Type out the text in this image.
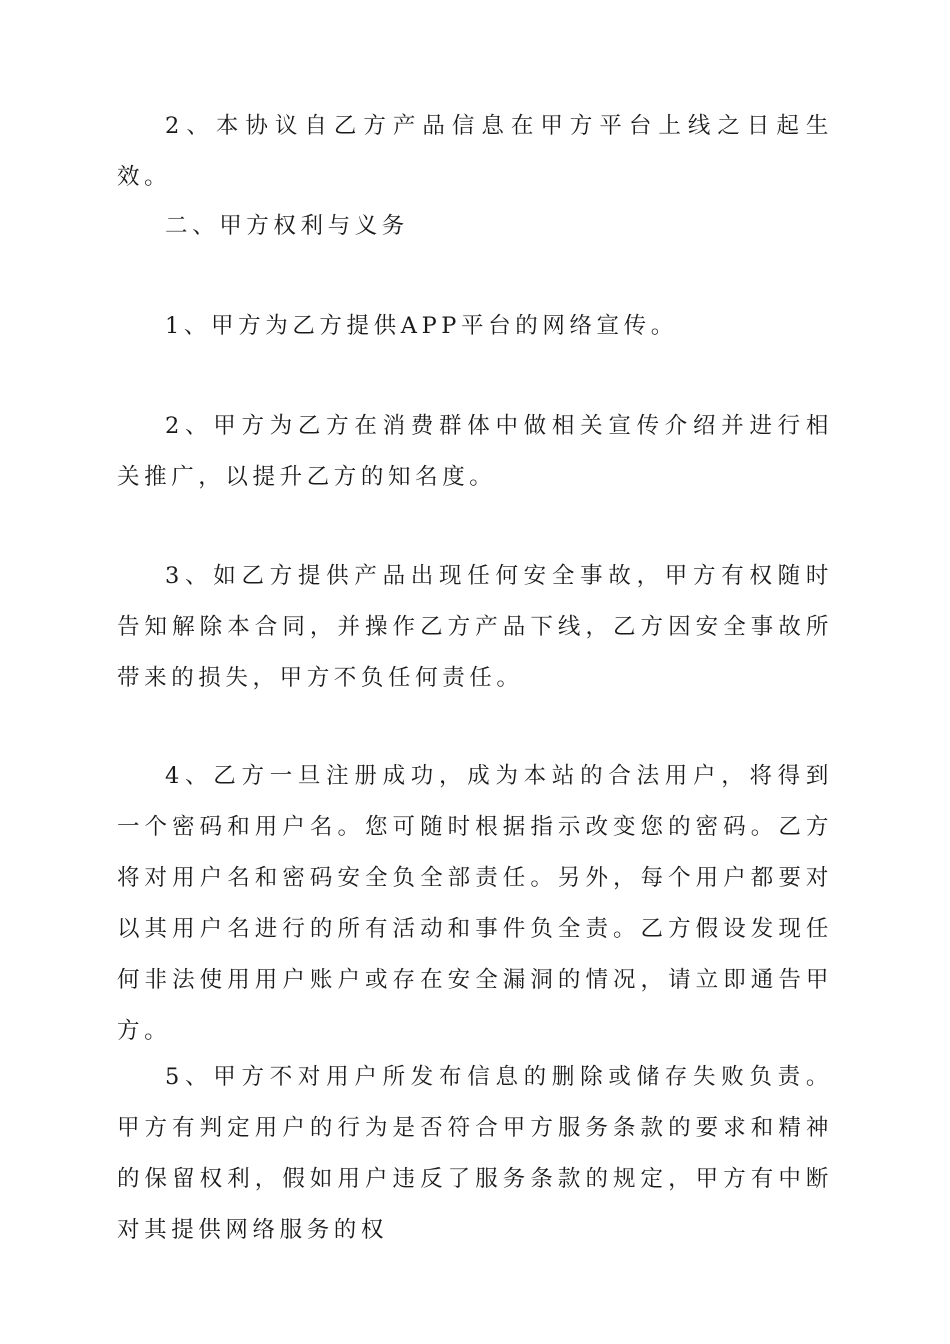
2、本协议自乙方产品信息在甲方平台上线之日起生效。

二、甲方权利与义务

1、甲方为乙方提供APP平台的网络宣传。

2、甲方为乙方在消费群体中做相关宣传介绍并进行相关推广，以提升乙方的知名度。

3、如乙方提供产品出现任何安全事故，甲方有权随时告知解除本合同，并操作乙方产品下线，乙方因安全事故所带来的损失，甲方不负任何责任。

4、乙方一旦注册成功，成为本站的合法用户，将得到一个密码和用户名。您可随时根据指示改变您的密码。乙方将对用户名和密码安全负全部责任。另外，每个用户都要对以其用户名进行的所有活动和事件负全责。乙方假设发现任何非法使用用户账户或存在安全漏洞的情况，请立即通告甲方。

5、甲方不对用户所发布信息的删除或储存失败负责。甲方有判定用户的行为是否符合甲方服务条款的要求和精神的保留权利，假如用户违反了服务条款的规定，甲方有中断对其提供网络服务的权
